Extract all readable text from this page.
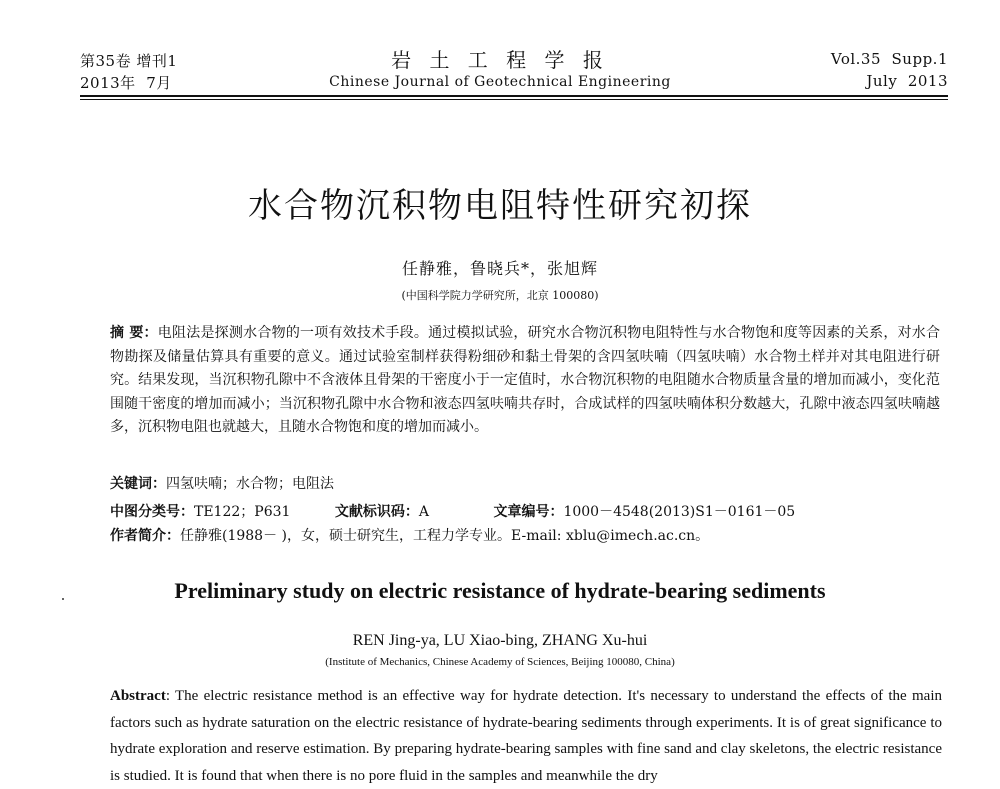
第35卷 增刊1
2013年  7月
岩 土 工 程 学 报
Chinese Journal of Geotechnical Engineering
Vol.35  Supp.1
July  2013
水合物沉积物电阻特性研究初探
任静雅，鲁晓兵*，张旭辉
(中国科学院力学研究所，北京 100080)
摘 要：电阻法是探测水合物的一项有效技术手段。通过模拟试验，研究水合物沉积物电阻特性与水合物饱和度等因素的关系，对水合物勘探及储量估算具有重要的意义。通过试验室制样获得粉细砂和黏土骨架的含四氢呋喃（四氢呋喃）水合物土样并对其电阻进行研究。结果发现，当沉积物孔隙中不含液体且骨架的干密度小于一定值时，水合物沉积物的电阻随水合物质量含量的增加而减小，变化范围随干密度的增加而减小；当沉积物孔隙中水合物和液态四氢呋喃共存时，合成试样的四氢呋喃体积分数越大，孔隙中液态四氢呋喃越多，沉积物电阻也就越大，且随水合物饱和度的增加而减小。
关键词：四氢呋喃；水合物；电阻法
中图分类号：TE122；P631	文献标识码：A	文章编号：1000－4548(2013)S1－0161－05
作者简介：任静雅(1988－ )，女，硕士研究生，工程力学专业。E-mail: xblu@imech.ac.cn。
Preliminary study on electric resistance of hydrate-bearing sediments
REN Jing-ya, LU Xiao-bing, ZHANG Xu-hui
(Institute of Mechanics, Chinese Academy of Sciences, Beijing 100080, China)
Abstract: The electric resistance method is an effective way for hydrate detection. It's necessary to understand the effects of the main factors such as hydrate saturation on the electric resistance of hydrate-bearing sediments through experiments. It is of great significance to hydrate exploration and reserve estimation. By preparing hydrate-bearing samples with fine sand and clay skeletons, the electric resistance is studied. It is found that when there is no pore fluid in the samples and meanwhile the dry
